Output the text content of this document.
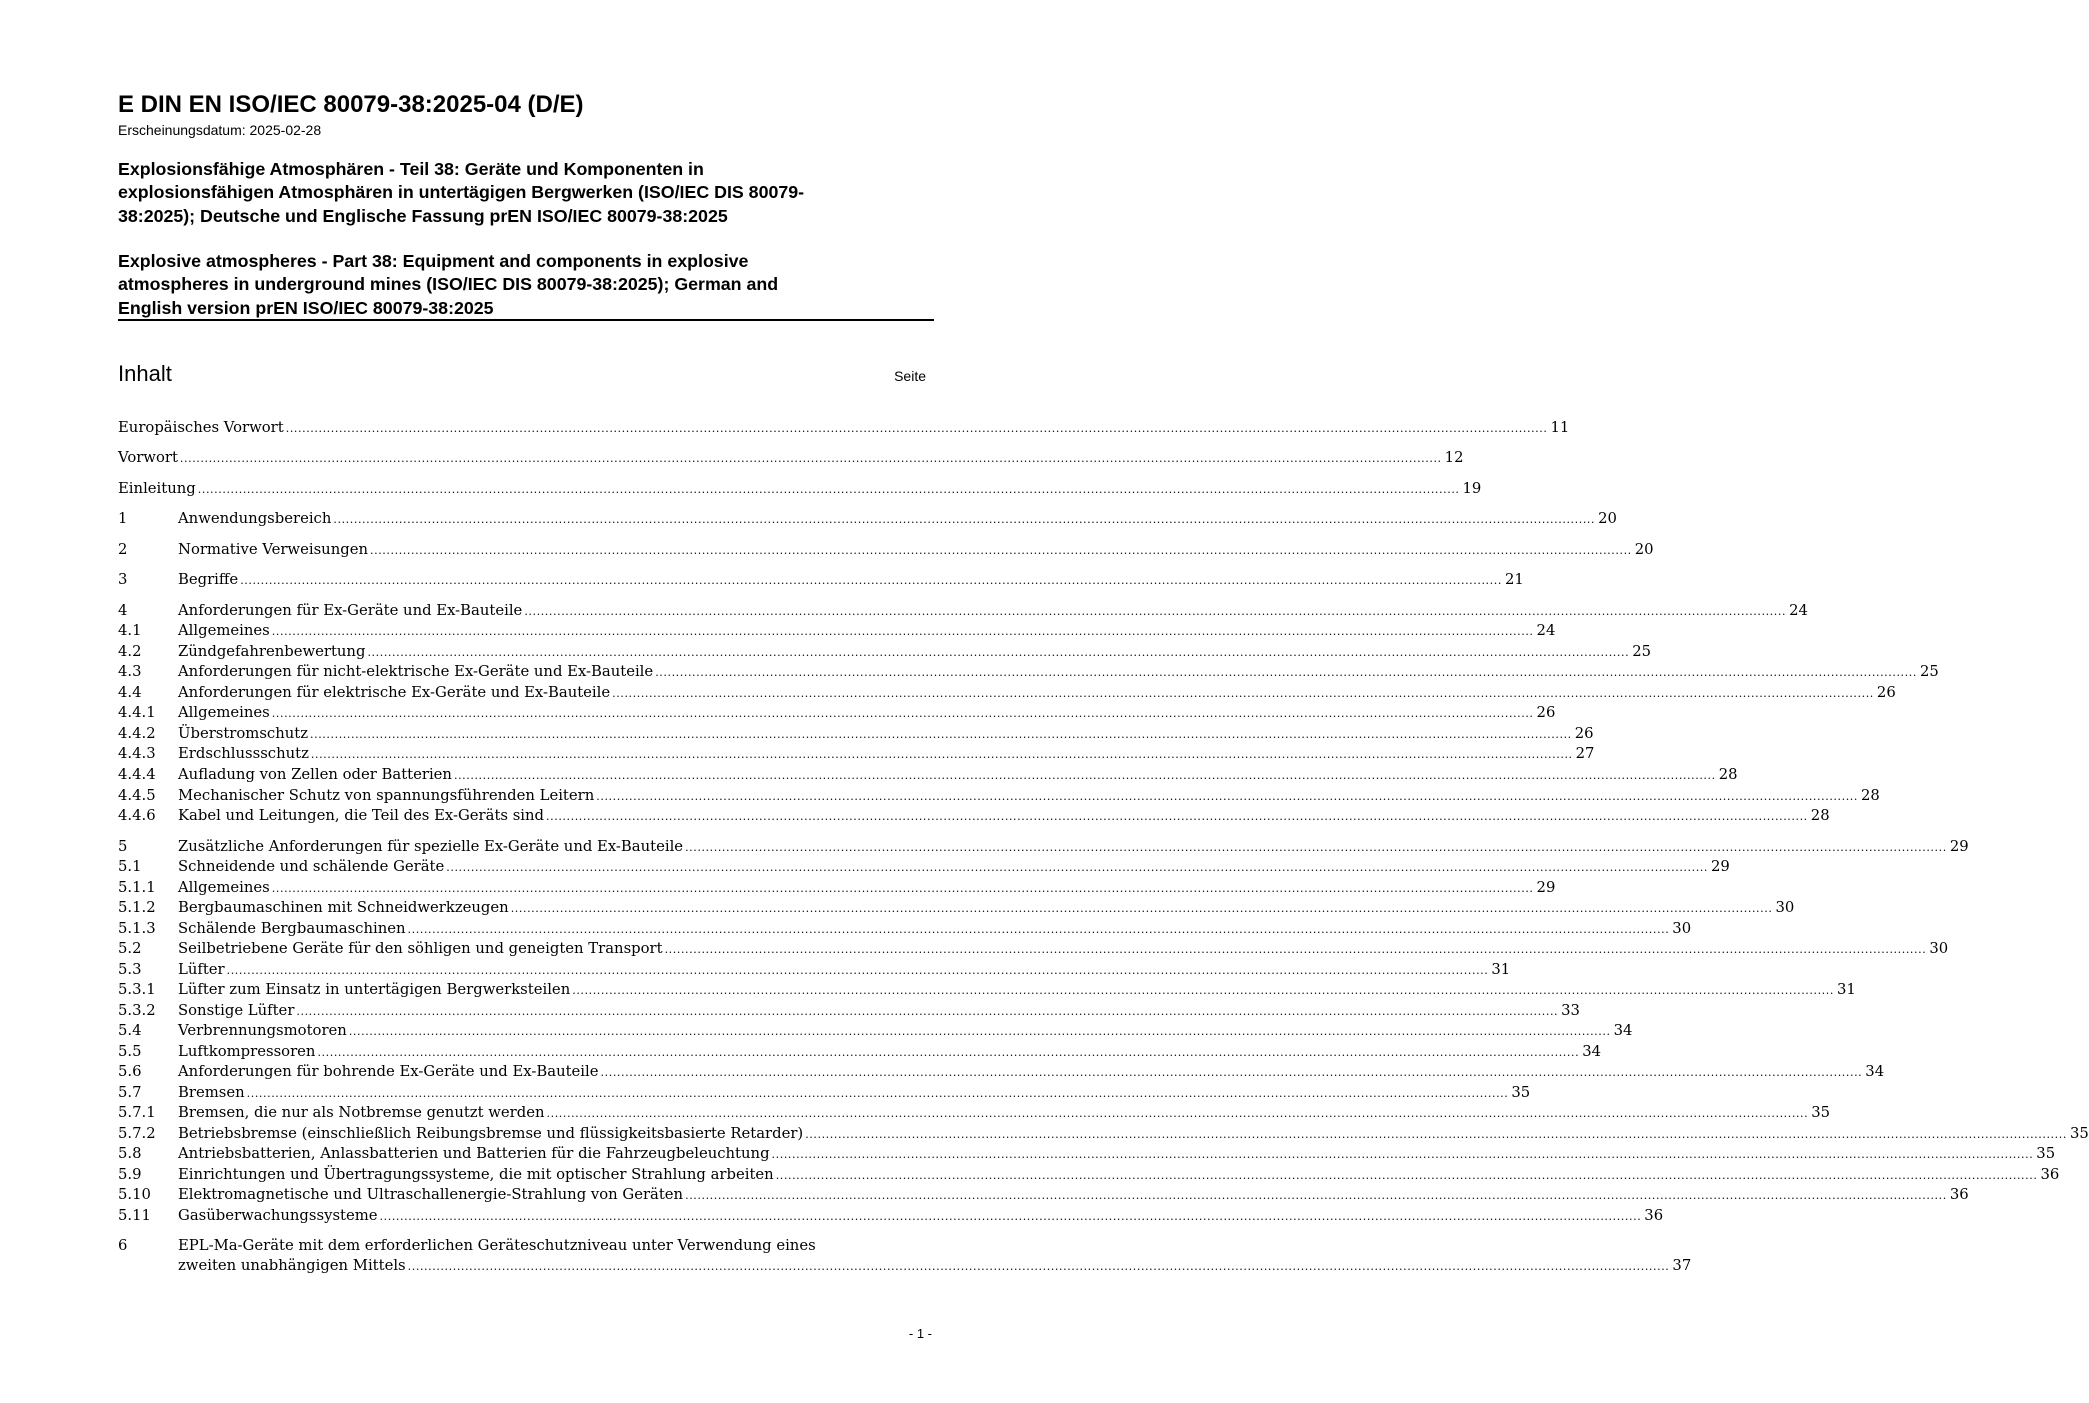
E DIN EN ISO/IEC 80079-38:2025-04 (D/E)
Erscheinungsdatum: 2025-02-28
Explosionsfähige Atmosphären - Teil 38: Geräte und Komponenten in
explosionsfähigen Atmosphären in untertägigen Bergwerken (ISO/IEC DIS 80079-
38:2025); Deutsche und Englische Fassung prEN ISO/IEC 80079-38:2025
Explosive atmospheres - Part 38: Equipment and components in explosive
atmospheres in underground mines (ISO/IEC DIS 80079-38:2025); German and
English version prEN ISO/IEC 80079-38:2025
Inhalt	Seite
Europäisches Vorwort .....	11
Vorwort .....	12
Einleitung .....	19
1	Anwendungsbereich .....	20
2	Normative Verweisungen .....	20
3	Begriffe .....	21
4	Anforderungen für Ex-Geräte und Ex-Bauteile .....	24
4.1	Allgemeines .....	24
4.2	Zündgefahrenbewertung .....	25
4.3	Anforderungen für nicht-elektrische Ex-Geräte und Ex-Bauteile .....	25
4.4	Anforderungen für elektrische Ex-Geräte und Ex-Bauteile .....	26
4.4.1	Allgemeines .....	26
4.4.2	Überstromschutz .....	26
4.4.3	Erdschlussschutz .....	27
4.4.4	Aufladung von Zellen oder Batterien .....	28
4.4.5	Mechanischer Schutz von spannungsführenden Leitern .....	28
4.4.6	Kabel und Leitungen, die Teil des Ex-Geräts sind .....	28
5	Zusätzliche Anforderungen für spezielle Ex-Geräte und Ex-Bauteile .....	29
5.1	Schneidende und schälende Geräte .....	29
5.1.1	Allgemeines .....	29
5.1.2	Bergbaumaschinen mit Schneidwerkzeugen .....	30
5.1.3	Schälende Bergbaumaschinen .....	30
5.2	Seilbetriebene Geräte für den söhligen und geneigten Transport .....	30
5.3	Lüfter .....	31
5.3.1	Lüfter zum Einsatz in untertägigen Bergwerksteilen .....	31
5.3.2	Sonstige Lüfter .....	33
5.4	Verbrennungsmotoren .....	34
5.5	Luftkompressoren .....	34
5.6	Anforderungen für bohrende Ex-Geräte und Ex-Bauteile .....	34
5.7	Bremsen .....	35
5.7.1	Bremsen, die nur als Notbremse genutzt werden .....	35
5.7.2	Betriebsbremse (einschließlich Reibungsbremse und flüssigkeitsbasierte Retarder) .....	35
5.8	Antriebsbatterien, Anlassbatterien und Batterien für die Fahrzeugbeleuchtung .....	35
5.9	Einrichtungen und Übertragungssysteme, die mit optischer Strahlung arbeiten .....	36
5.10	Elektromagnetische und Ultraschallenergie-Strahlung von Geräten .....	36
5.11	Gasüberwachungssysteme .....	36
6	EPL-Ma-Geräte mit dem erforderlichen Geräteschutzniveau unter Verwendung eines
zweiten unabhängigen Mittels .....	37
- 1 -
